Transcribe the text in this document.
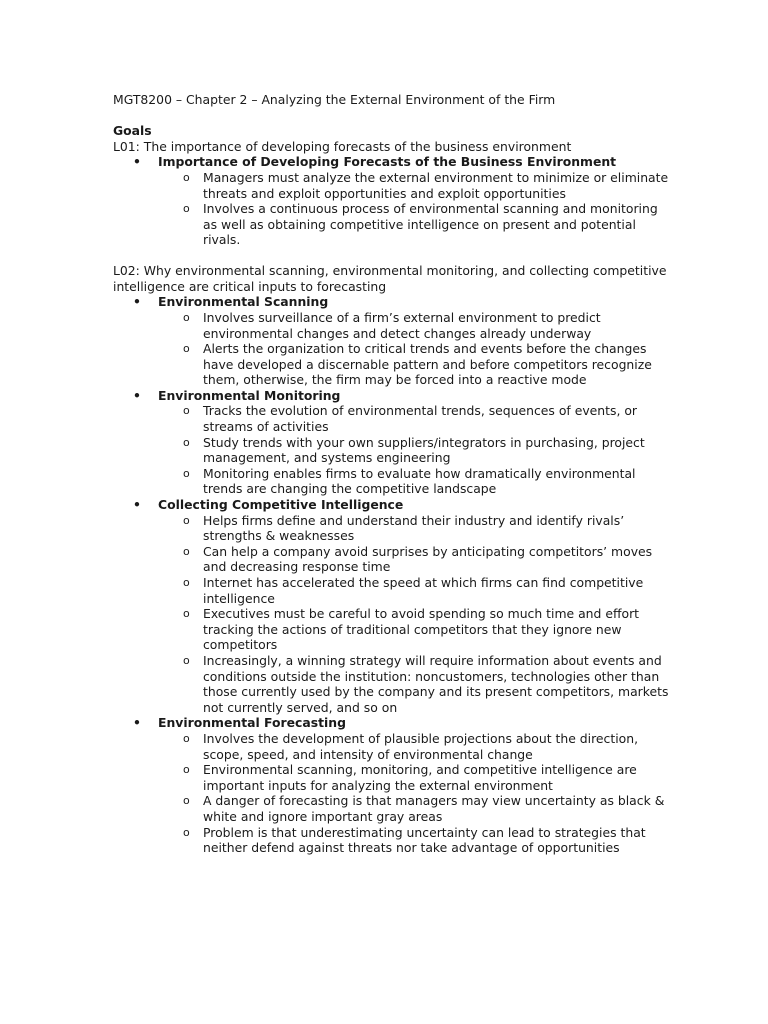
MGT8200 – Chapter 2 – Analyzing the External Environment of the Firm

Goals

L01: The importance of developing forecasts of the business environment

• Importance of Developing Forecasts of the Business Environment
o Managers must analyze the external environment to minimize or eliminate threats and exploit opportunities and exploit opportunities
o Involves a continuous process of environmental scanning and monitoring as well as obtaining competitive intelligence on present and potential rivals.

L02: Why environmental scanning, environmental monitoring, and collecting competitive intelligence are critical inputs to forecasting

• Environmental Scanning
o Involves surveillance of a firm’s external environment to predict environmental changes and detect changes already underway
o Alerts the organization to critical trends and events before the changes have developed a discernable pattern and before competitors recognize them, otherwise, the firm may be forced into a reactive mode
• Environmental Monitoring
o Tracks the evolution of environmental trends, sequences of events, or streams of activities
o Study trends with your own suppliers/integrators in purchasing, project management, and systems engineering
o Monitoring enables firms to evaluate how dramatically environmental trends are changing the competitive landscape
• Collecting Competitive Intelligence
o Helps firms define and understand their industry and identify rivals’ strengths & weaknesses
o Can help a company avoid surprises by anticipating competitors’ moves and decreasing response time
o Internet has accelerated the speed at which firms can find competitive intelligence
o Executives must be careful to avoid spending so much time and effort tracking the actions of traditional competitors that they ignore new competitors
o Increasingly, a winning strategy will require information about events and conditions outside the institution: noncustomers, technologies other than those currently used by the company and its present competitors, markets not currently served, and so on
• Environmental Forecasting
o Involves the development of plausible projections about the direction, scope, speed, and intensity of environmental change
o Environmental scanning, monitoring, and competitive intelligence are important inputs for analyzing the external environment
o A danger of forecasting is that managers may view uncertainty as black & white and ignore important gray areas
o Problem is that underestimating uncertainty can lead to strategies that neither defend against threats nor take advantage of opportunities
